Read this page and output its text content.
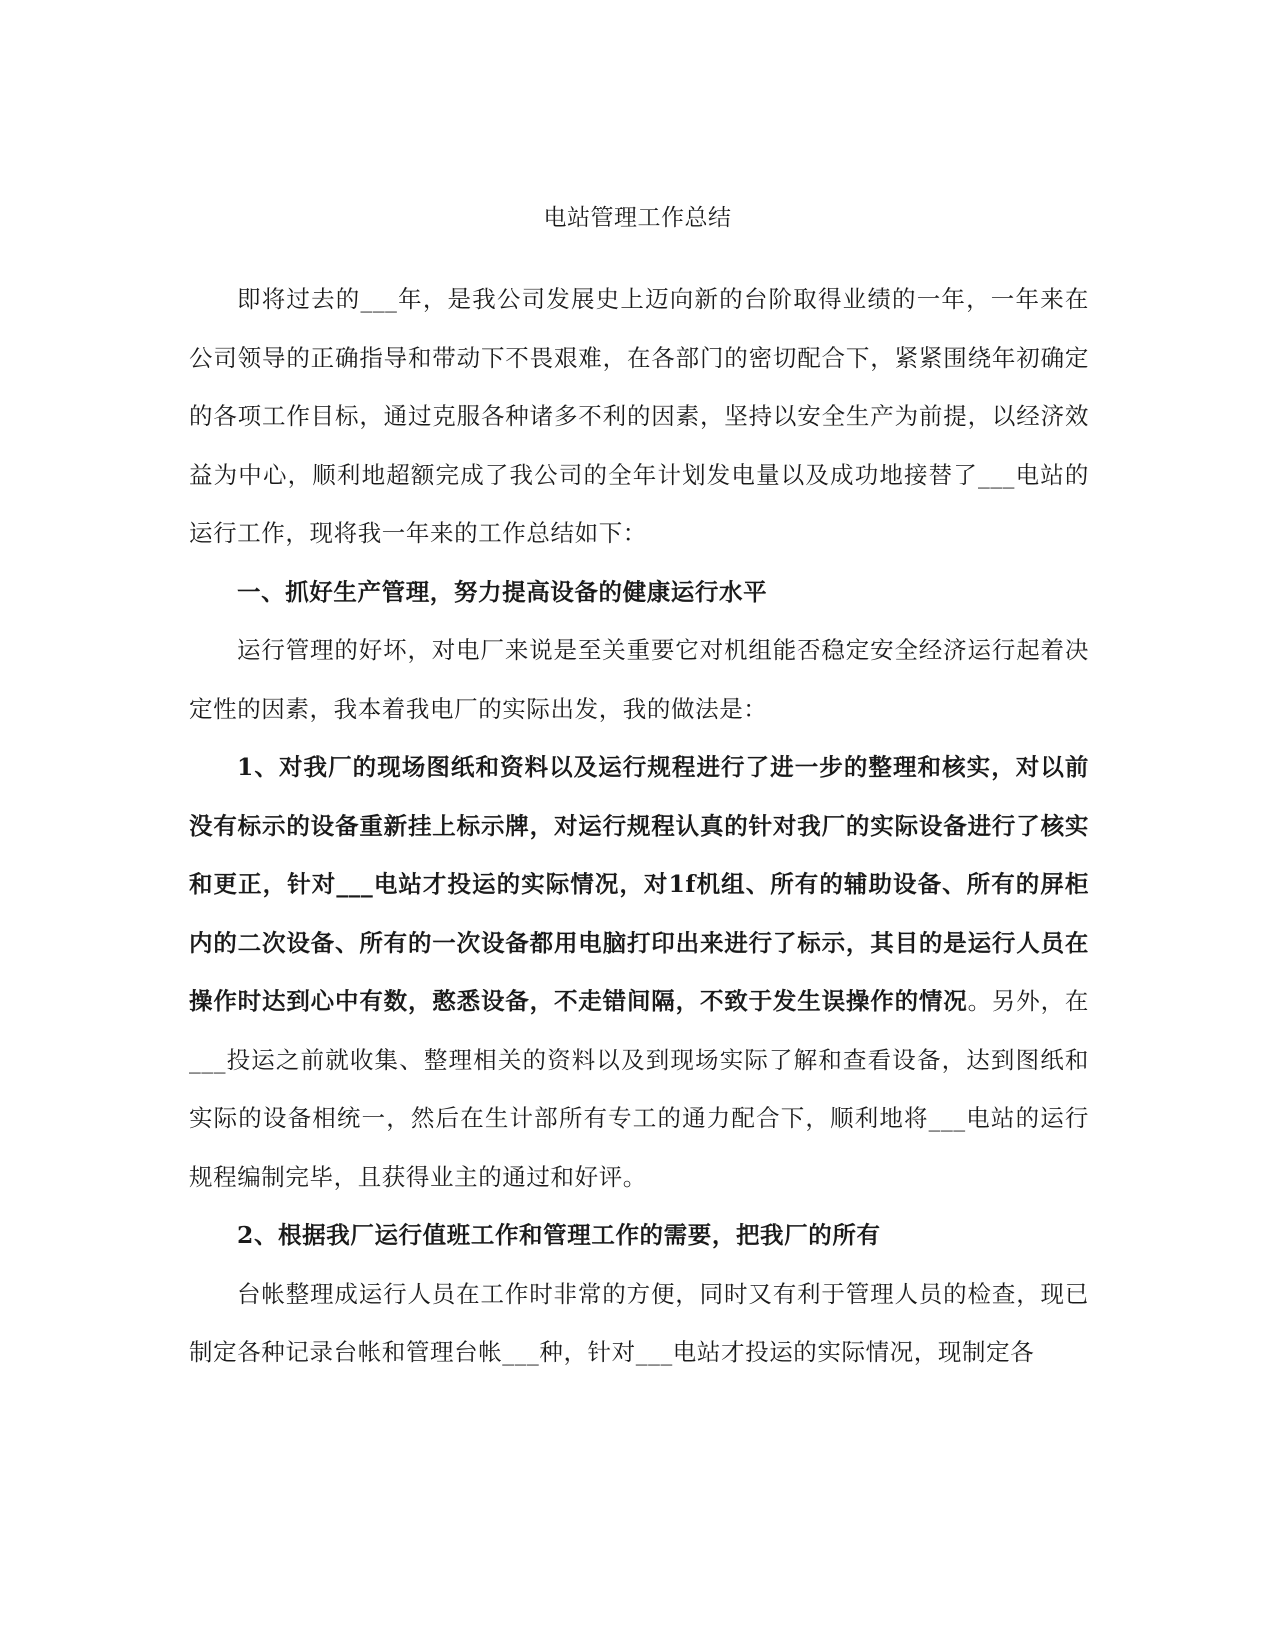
电站管理工作总结

即将过去的___年，是我公司发展史上迈向新的台阶取得业绩的一年，一年来在公司领导的正确指导和带动下不畏艰难，在各部门的密切配合下，紧紧围绕年初确定的各项工作目标，通过克服各种诸多不利的因素，坚持以安全生产为前提，以经济效益为中心，顺利地超额完成了我公司的全年计划发电量以及成功地接替了___电站的运行工作，现将我一年来的工作总结如下：

一、抓好生产管理，努力提高设备的健康运行水平

运行管理的好坏，对电厂来说是至关重要它对机组能否稳定安全经济运行起着决定性的因素，我本着我电厂的实际出发，我的做法是：

1、对我厂的现场图纸和资料以及运行规程进行了进一步的整理和核实，对以前没有标示的设备重新挂上标示牌，对运行规程认真的针对我厂的实际设备进行了核实和更正，针对___电站才投运的实际情况，对1f机组、所有的辅助设备、所有的屏柜内的二次设备、所有的一次设备都用电脑打印出来进行了标示，其目的是运行人员在操作时达到心中有数，憨悉设备，不走错间隔，不致于发生误操作的情况。另外，在___投运之前就收集、整理相关的资料以及到现场实际了解和查看设备，达到图纸和实际的设备相统一，然后在生计部所有专工的通力配合下，顺利地将___电站的运行规程编制完毕，且获得业主的通过和好评。

2、根据我厂运行值班工作和管理工作的需要，把我厂的所有

台帐整理成运行人员在工作时非常的方便，同时又有利于管理人员的检查，现已制定各种记录台帐和管理台帐___种，针对___电站才投运的实际情况，现制定各
